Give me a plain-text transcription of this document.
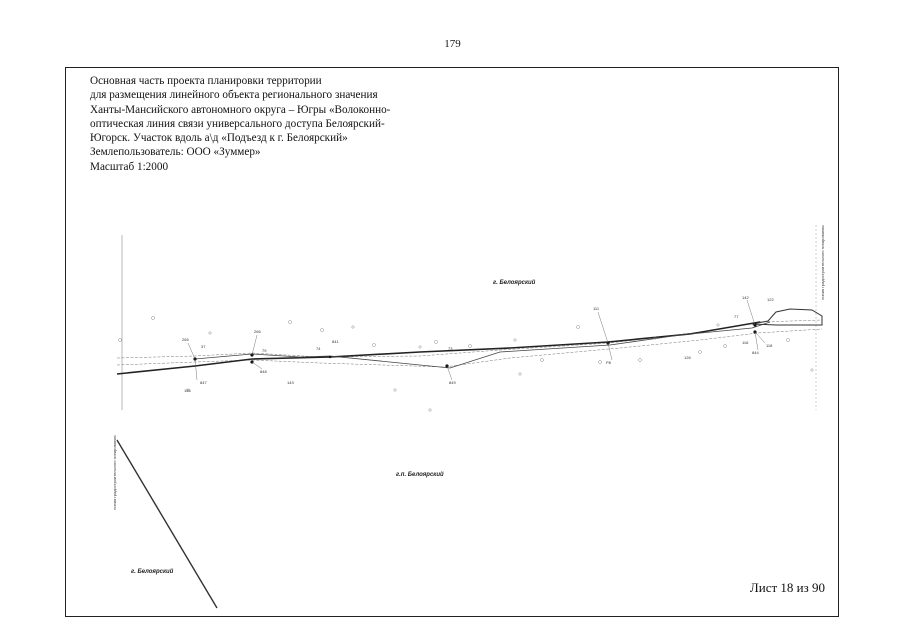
179
Основная часть проекта планировки территории
для размещения линейного объекта регионального значения
Ханты-Мансийского автономного округа – Югры «Волоконно-
оптическая линия связи универсального доступа Белоярский-
Югорск. Участок вдоль а\д «Подъезд к г. Белоярский»
Землепользователь: ООО «Зуммер»
Масштаб 1:2000
265
37
847
156
266
79
848
143
74
841
73
849
111
Р8
126
142	122
77
116
844
118
г. Белоярский
г.п. Белоярский
г. Белоярский
линия градостроительного зонирования
линия градостроительного зонирования
Лист 18 из 90
